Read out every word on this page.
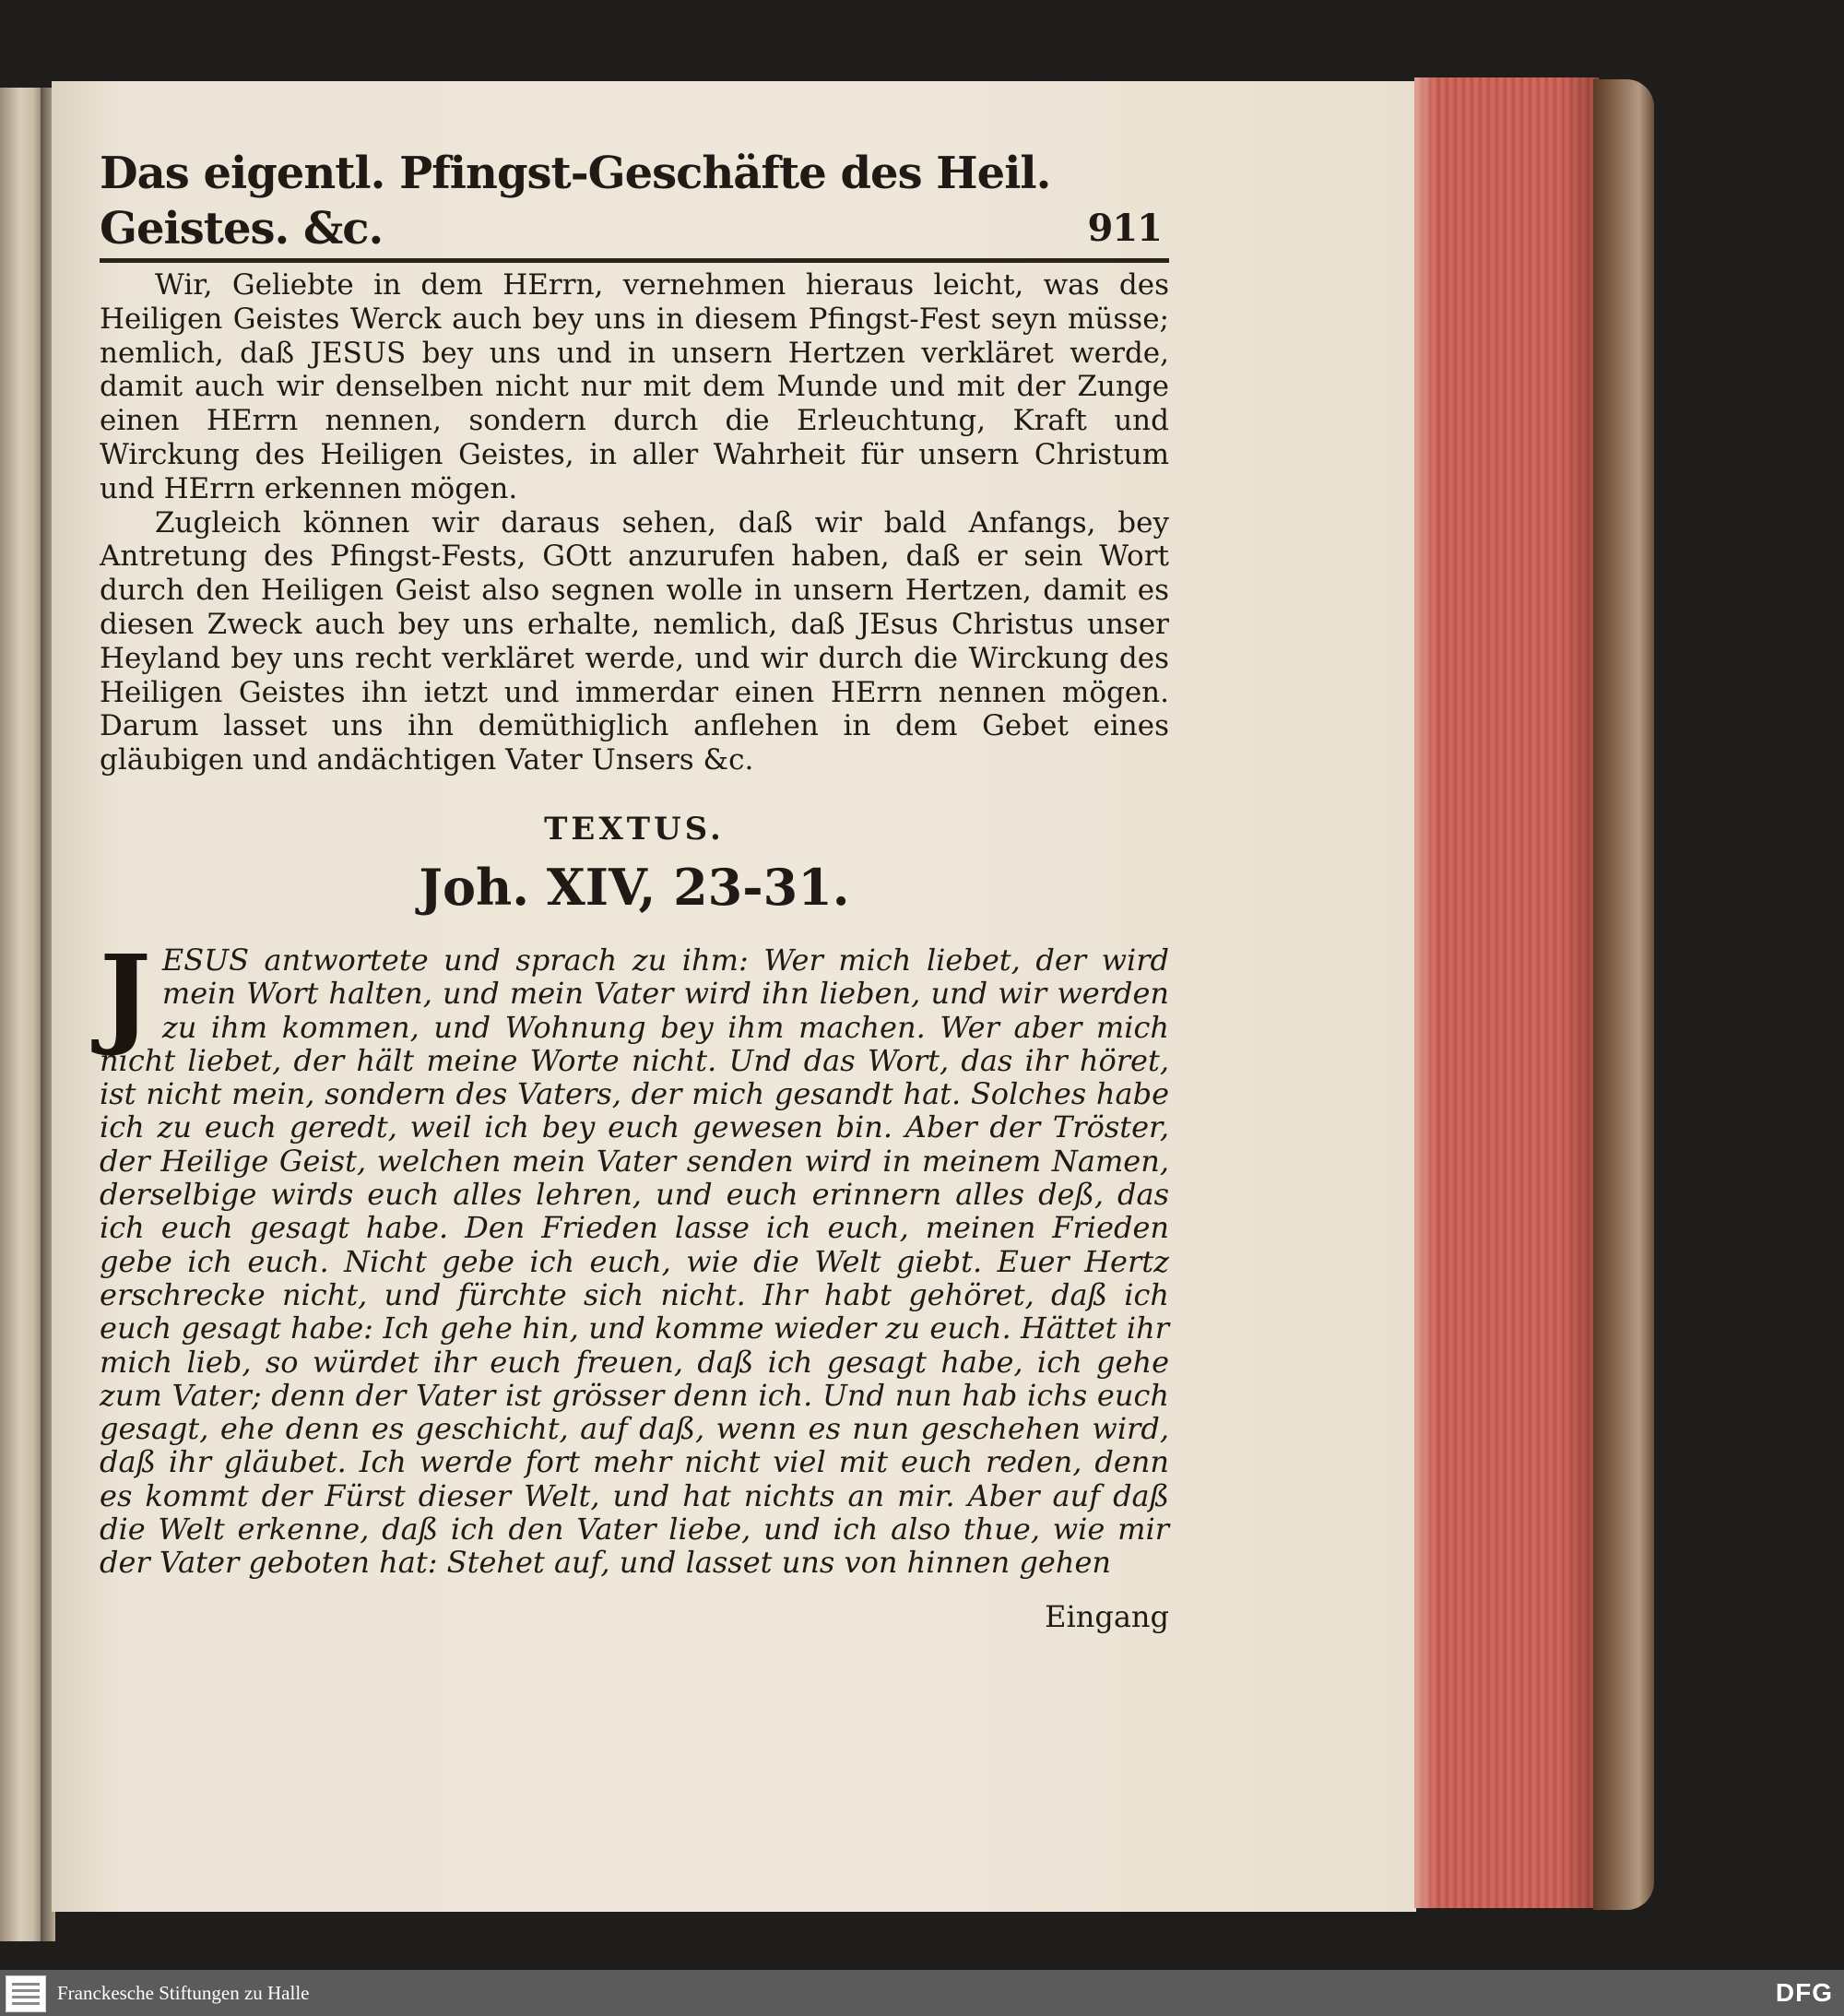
Das eigentl. Pfingst-Geschäfte des Heil. Geistes. &c.	911

Wir, Geliebte in dem HErrn, vernehmen hieraus leicht, was des Heiligen Geistes Werck auch bey uns in diesem Pfingst-Fest seyn müsse; nemlich, daß JESUS bey uns und in unsern Hertzen verkläret werde, damit auch wir denselben nicht nur mit dem Munde und mit der Zunge einen HErrn nennen, sondern durch die Erleuchtung, Kraft und Wirckung des Heiligen Geistes, in aller Wahrheit für unsern Christum und HErrn erkennen mögen.

Zugleich können wir daraus sehen, daß wir bald Anfangs, bey Antretung des Pfingst-Fests, GOtt anzurufen haben, daß er sein Wort durch den Heiligen Geist also segnen wolle in unsern Hertzen, damit es diesen Zweck auch bey uns erhalte, nemlich, daß JEsus Christus unser Heyland bey uns recht verkläret werde, und wir durch die Wirckung des Heiligen Geistes ihn ietzt und immerdar einen HErrn nennen mögen. Darum lasset uns ihn demüthiglich anflehen in dem Gebet eines gläubigen und andächtigen Vater Unsers &c.

TEXTUS.
Joh. XIV, 23-31.
J ESUS antwortete und sprach zu ihm: Wer mich liebet, der wird mein Wort halten, und mein Vater wird ihn lieben, und wir werden zu ihm kommen, und Wohnung bey ihm machen. Wer aber mich nicht liebet, der hält meine Worte nicht. Und das Wort, das ihr höret, ist nicht mein, sondern des Vaters, der mich gesandt hat. Solches habe ich zu euch geredt, weil ich bey euch gewesen bin. Aber der Tröster, der Heilige Geist, welchen mein Vater senden wird in meinem Namen, derselbige wirds euch alles lehren, und euch erinnern alles deß, das ich euch gesagt habe. Den Frieden lasse ich euch, meinen Frieden gebe ich euch. Nicht gebe ich euch, wie die Welt giebt. Euer Hertz erschrecke nicht, und fürchte sich nicht. Ihr habt gehöret, daß ich euch gesagt habe: Ich gehe hin, und komme wieder zu euch. Hättet ihr mich lieb, so würdet ihr euch freuen, daß ich gesagt habe, ich gehe zum Vater; denn der Vater ist grösser denn ich. Und nun hab ichs euch gesagt, ehe denn es geschicht, auf daß, wenn es nun geschehen wird, daß ihr gläubet. Ich werde fort mehr nicht viel mit euch reden, denn es kommt der Fürst dieser Welt, und hat nichts an mir. Aber auf daß die Welt erkenne, daß ich den Vater liebe, und ich also thue, wie mir der Vater geboten hat: Stehet auf, und lasset uns von hinnen gehen
Eingang
Franckesche Stiftungen zu Halle	DFG
